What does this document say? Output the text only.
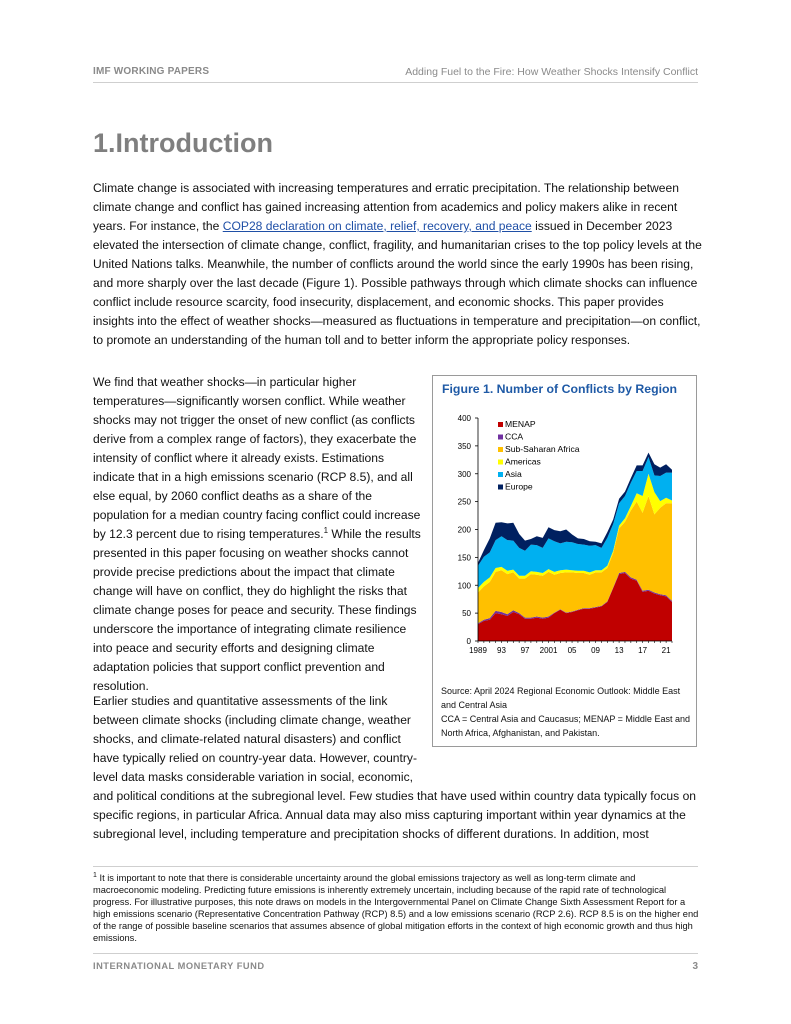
IMF WORKING PAPERS	Adding Fuel to the Fire: How Weather Shocks Intensify Conflict
1.Introduction

Climate change is associated with increasing temperatures and erratic precipitation. The relationship between climate change and conflict has gained increasing attention from academics and policy makers alike in recent years. For instance, the COP28 declaration on climate, relief, recovery, and peace issued in December 2023 elevated the intersection of climate change, conflict, fragility, and humanitarian crises to the top policy levels at the United Nations talks. Meanwhile, the number of conflicts around the world since the early 1990s has been rising, and more sharply over the last decade (Figure 1). Possible pathways through which climate shocks can influence conflict include resource scarcity, food insecurity, displacement, and economic shocks. This paper provides insights into the effect of weather shocks—measured as fluctuations in temperature and precipitation—on conflict, to promote an understanding of the human toll and to better inform the appropriate policy responses.

We find that weather shocks—in particular higher temperatures—significantly worsen conflict. While weather shocks may not trigger the onset of new conflict (as conflicts derive from a complex range of factors), they exacerbate the intensity of conflict where it already exists. Estimations indicate that in a high emissions scenario (RCP 8.5), and all else equal, by 2060 conflict deaths as a share of the population for a median country facing conflict could increase by 12.3 percent due to rising temperatures.$^1$ While the results presented in this paper focusing on weather shocks cannot provide precise predictions about the impact that climate change will have on conflict, they do highlight the risks that climate change poses for peace and security. These findings underscore the importance of integrating climate resilience into peace and security efforts and designing climate adaptation policies that support conflict prevention and resolution.

Earlier studies and quantitative assessments of the link between climate shocks (including climate change, weather shocks, and climate-related natural disasters) and conflict have typically relied on country-year data. However, country-level data masks considerable variation in social, economic,

and political conditions at the subregional level. Few studies that have used within country data typically focus on specific regions, in particular Africa. Annual data may also miss capturing important within year dynamics at the subregional level, including temperature and precipitation shocks of different durations. In addition, most

Figure 1. Number of Conflicts by Region
0
50
100
150
200
250
300
350
400
1989 93 97 2001 05 09 13 17 21
MENAP
CCA
Sub-Saharan Africa
Americas
Asia
Europe

Source: April 2024 Regional Economic Outlook: Middle East and Central Asia

CCA = Central Asia and Caucasus; MENAP = Middle East and North Africa, Afghanistan, and Pakistan.

$^1$ It is important to note that there is considerable uncertainty around the global emissions trajectory as well as long-term climate and macroeconomic modeling. Predicting future emissions is inherently extremely uncertain, including because of the rapid rate of technological progress. For illustrative purposes, this note draws on models in the Intergovernmental Panel on Climate Change Sixth Assessment Report for a high emissions scenario (Representative Concentration Pathway (RCP) 8.5) and a low emissions scenario (RCP 2.6). RCP 8.5 is on the higher end of the range of possible baseline scenarios that assumes absence of global mitigation efforts in the context of high economic growth and thus high emissions.

INTERNATIONAL MONETARY FUND	3
